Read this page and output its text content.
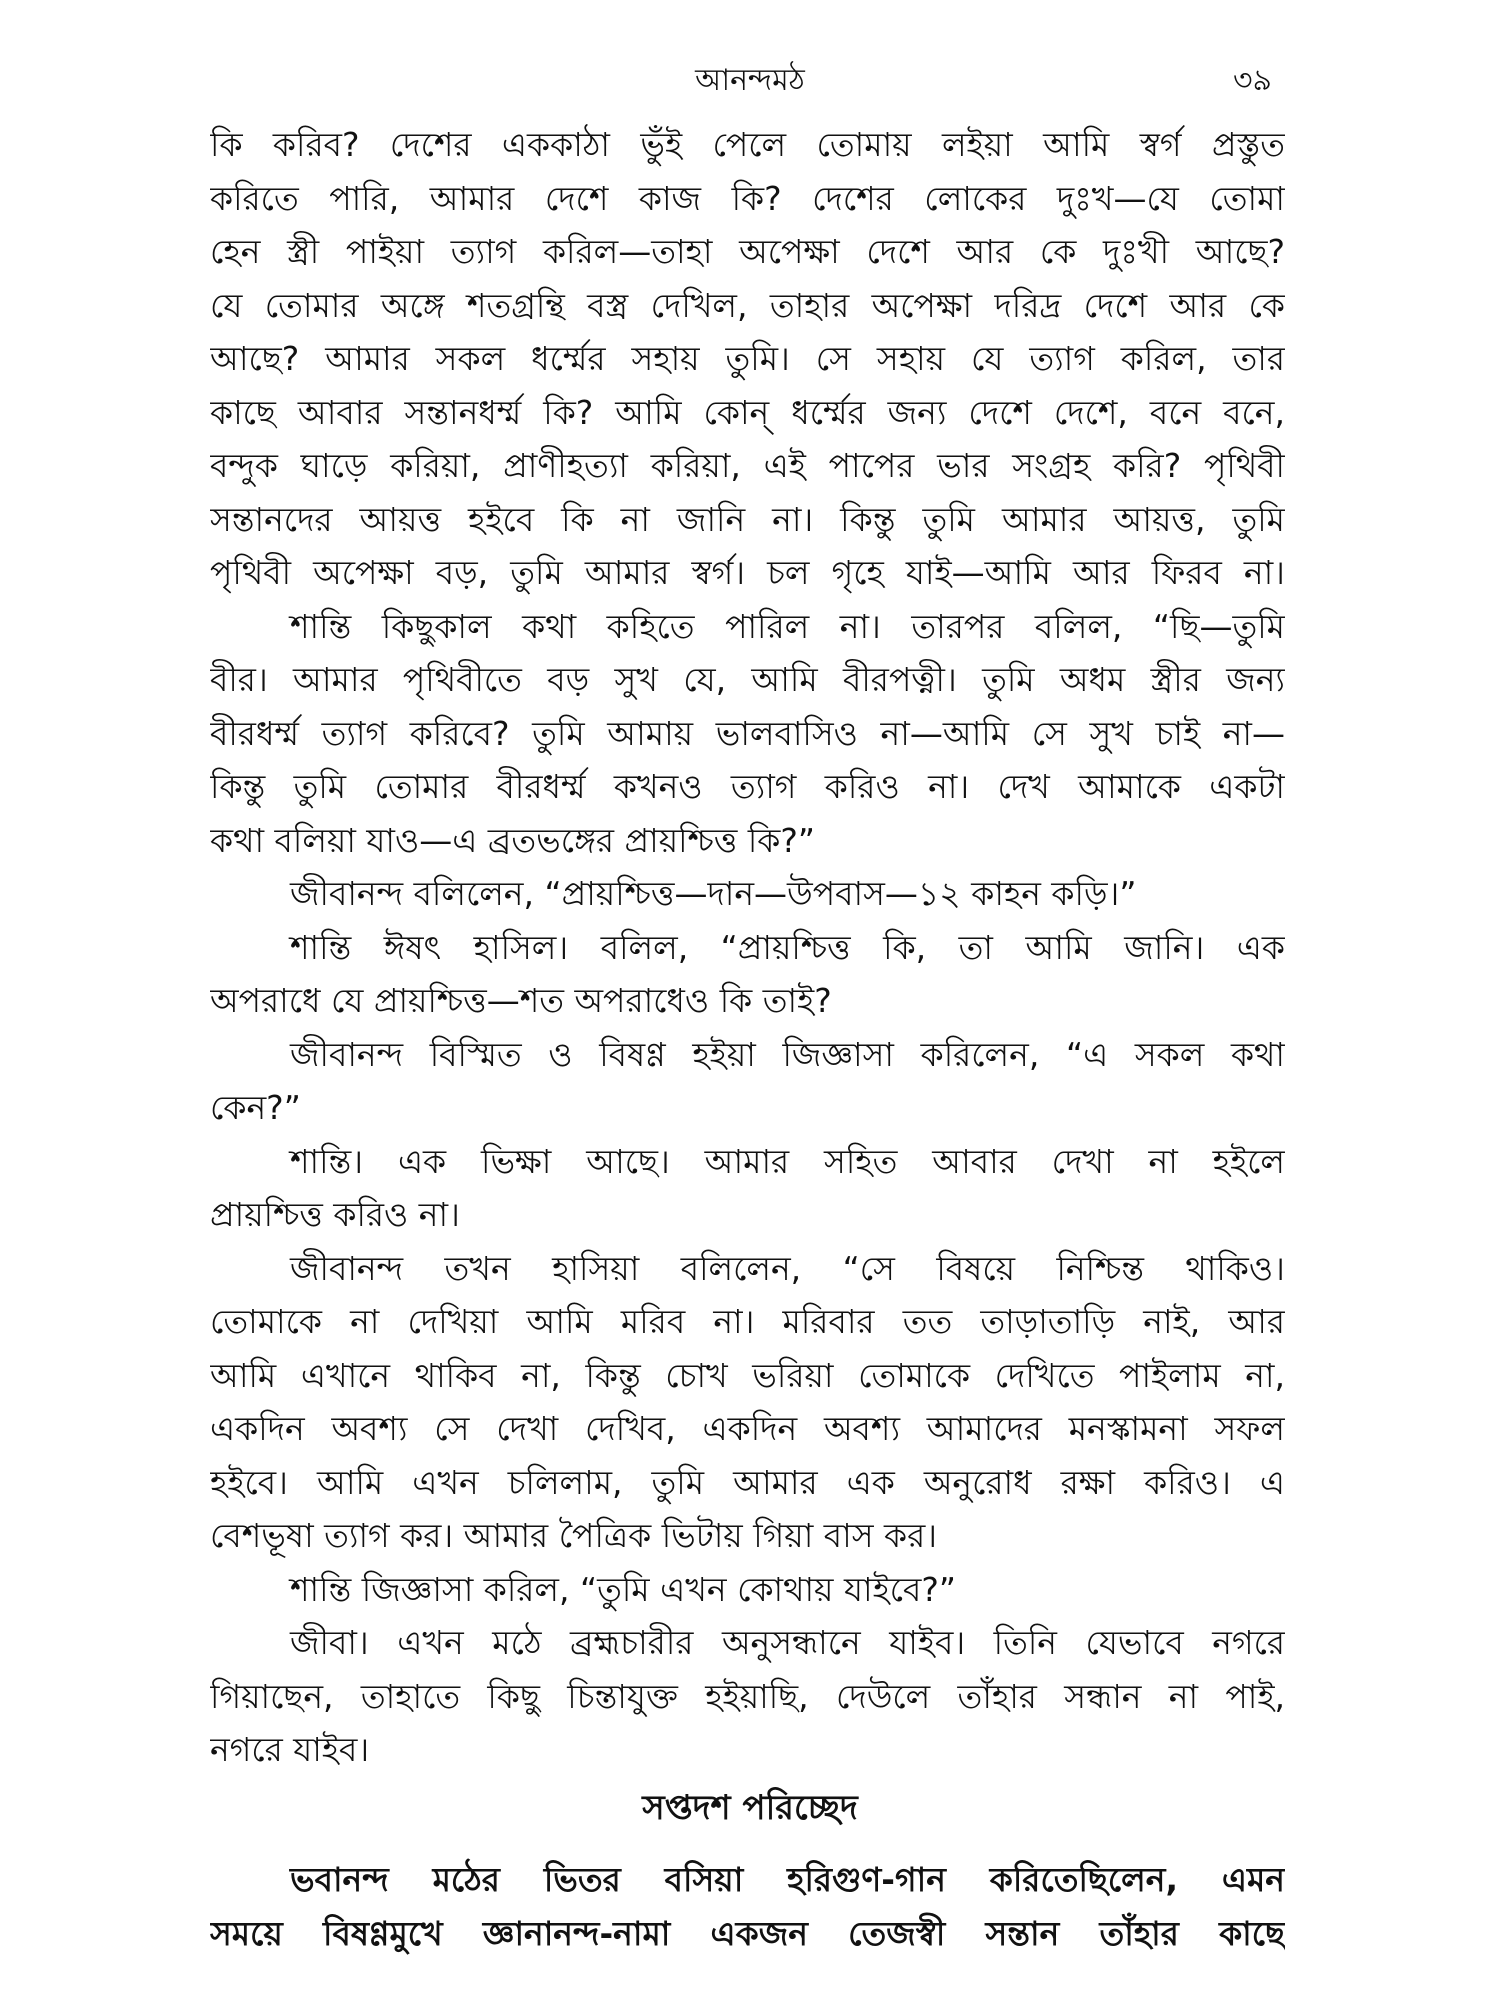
আনন্দমঠ	৩৯
কি করিব? দেশের এককাঠা ভুঁই পেলে তোমায় লইয়া আমি স্বর্গ প্রস্তুত
করিতে পারি, আমার দেশে কাজ কি? দেশের লোকের দুঃখ—যে তোমা
হেন স্ত্রী পাইয়া ত্যাগ করিল—তাহা অপেক্ষা দেশে আর কে দুঃখী আছে?
যে তোমার অঙ্গে শতগ্রন্থি বস্ত্র দেখিল, তাহার অপেক্ষা দরিদ্র দেশে আর কে
আছে? আমার সকল ধর্ম্মের সহায় তুমি। সে সহায় যে ত্যাগ করিল, তার
কাছে আবার সন্তানধর্ম্ম কি? আমি কোন্ ধর্ম্মের জন্য দেশে দেশে, বনে বনে,
বন্দুক ঘাড়ে করিয়া, প্রাণীহত্যা করিয়া, এই পাপের ভার সংগ্রহ করি? পৃথিবী
সন্তানদের আয়ত্ত হইবে কি না জানি না। কিন্তু তুমি আমার আয়ত্ত, তুমি
পৃথিবী অপেক্ষা বড়, তুমি আমার স্বর্গ। চল গৃহে যাই—আমি আর ফিরব না।
শান্তি কিছুকাল কথা কহিতে পারিল না। তারপর বলিল, “ছি—তুমি
বীর। আমার পৃথিবীতে বড় সুখ যে, আমি বীরপত্নী। তুমি অধম স্ত্রীর জন্য
বীরধর্ম্ম ত্যাগ করিবে? তুমি আমায় ভালবাসিও না—আমি সে সুখ চাই না—
কিন্তু তুমি তোমার বীরধর্ম্ম কখনও ত্যাগ করিও না। দেখ আমাকে একটা
কথা বলিয়া যাও—এ ব্রতভঙ্গের প্রায়শ্চিত্ত কি?”
জীবানন্দ বলিলেন, “প্রায়শ্চিত্ত—দান—উপবাস—১২ কাহন কড়ি।”
শান্তি ঈষৎ হাসিল। বলিল, “প্রায়শ্চিত্ত কি, তা আমি জানি। এক
অপরাধে যে প্রায়শ্চিত্ত—শত অপরাধেও কি তাই?
জীবানন্দ বিস্মিত ও বিষণ্ণ হইয়া জিজ্ঞাসা করিলেন, “এ সকল কথা
কেন?”
শান্তি। এক ভিক্ষা আছে। আমার সহিত আবার দেখা না হইলে
প্রায়শ্চিত্ত করিও না।
জীবানন্দ তখন হাসিয়া বলিলেন, “সে বিষয়ে নিশ্চিন্ত থাকিও।
তোমাকে না দেখিয়া আমি মরিব না। মরিবার তত তাড়াতাড়ি নাই, আর
আমি এখানে থাকিব না, কিন্তু চোখ ভরিয়া তোমাকে দেখিতে পাইলাম না,
একদিন অবশ্য সে দেখা দেখিব, একদিন অবশ্য আমাদের মনস্কামনা সফল
হইবে। আমি এখন চলিলাম, তুমি আমার এক অনুরোধ রক্ষা করিও। এ
বেশভূষা ত্যাগ কর। আমার পৈত্রিক ভিটায় গিয়া বাস কর।
শান্তি জিজ্ঞাসা করিল, “তুমি এখন কোথায় যাইবে?”
জীবা। এখন মঠে ব্রহ্মচারীর অনুসন্ধানে যাইব। তিনি যেভাবে নগরে
গিয়াছেন, তাহাতে কিছু চিন্তাযুক্ত হইয়াছি, দেউলে তাঁহার সন্ধান না পাই,
নগরে যাইব।
সপ্তদশ পরিচ্ছেদ
ভবানন্দ মঠের ভিতর বসিয়া হরিগুণ-গান করিতেছিলেন, এমন
সময়ে বিষণ্ণমুখে জ্ঞানানন্দ-নামা একজন তেজস্বী সন্তান তাঁহার কাছে
